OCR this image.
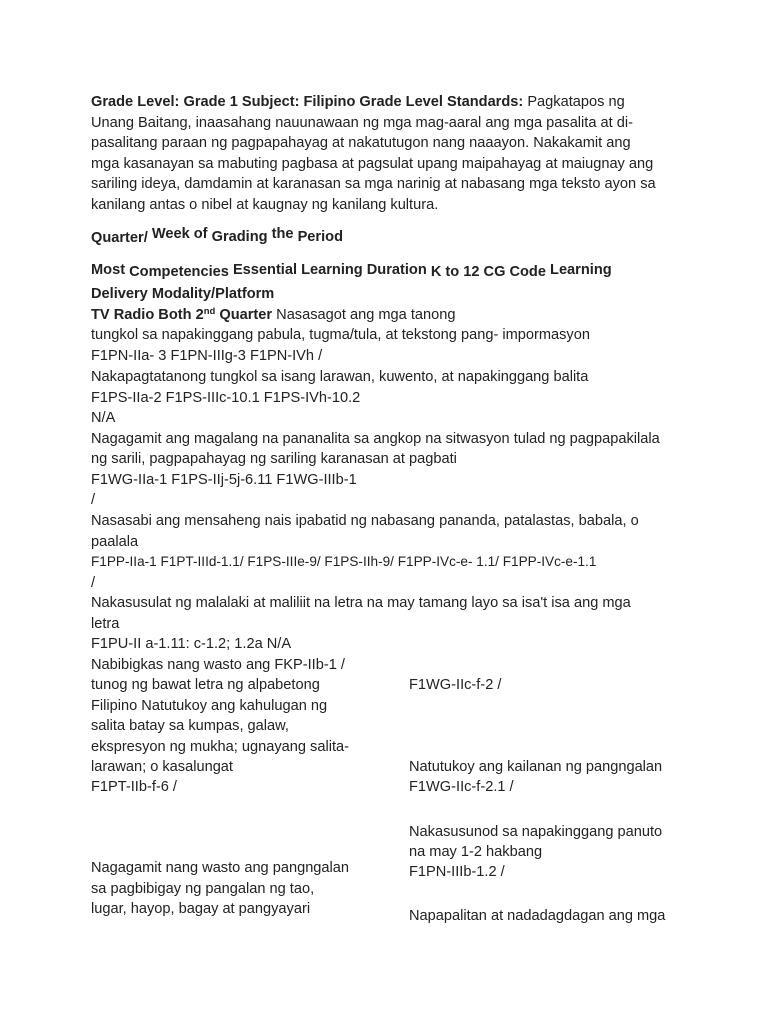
Grade Level: Grade 1 Subject: Filipino Grade Level Standards: Pagkatapos ng
Unang Baitang, inaasahang nauunawaan ng mga mag-aaral ang mga pasalita at di-
pasalitang paraan ng pagpapahayag at nakatutugon nang naaayon. Nakakamit ang
mga kasanayan sa mabuting pagbasa at pagsulat upang maipahayag at maiugnay ang
sariling ideya, damdamin at karanasan sa mga narinig at nabasang mga teksto ayon sa
kanilang antas o nibel at kaugnay ng kanilang kultura.
Quarter/ Week of Grading the Period
Most Competencies Essential Learning Duration K to 12 CG Code Learning
Delivery Modality/Platform
TV Radio Both 2nd Quarter Nasasagot ang mga tanong
tungkol sa napakinggang pabula, tugma/tula, at tekstong pang- impormasyon
F1PN-IIa- 3 F1PN-IIIg-3 F1PN-IVh /
Nakapagtatanong tungkol sa isang larawan, kuwento, at napakinggang balita
F1PS-IIa-2 F1PS-IIIc-10.1 F1PS-IVh-10.2
N/A
Nagagamit ang magalang na pananalita sa angkop na sitwasyon tulad ng pagpapakilala
ng sarili, pagpapahayag ng sariling karanasan at pagbati
F1WG-IIa-1 F1PS-IIj-5j-6.11 F1WG-IIIb-1
/
Nasasabi ang mensaheng nais ipabatid ng nabasang pananda, patalastas, babala, o
paalala
F1PP-IIa-1 F1PT-IIId-1.1/ F1PS-IIIe-9/ F1PS-IIh-9/ F1PP-IVc-e- 1.1/ F1PP-IVc-e-1.1
/
Nakasusulat ng malalaki at maliliit na letra na may tamang layo sa isa't isa ang mga
letra
F1PU-II a-1.11: c-1.2; 1.2a N/A
Nabibigkas nang wasto ang FKP-IIb-1 /
tunog ng bawat letra ng alpabetong
Filipino Natutukoy ang kahulugan ng
salita batay sa kumpas, galaw,
ekspresyon ng mukha; ugnayang salita-
larawan; o kasalungat
F1PT-IIb-f-6 /
Nagagamit nang wasto ang pangngalan
sa pagbibigay ng pangalan ng tao,
lugar, hayop, bagay at pangyayari
F1WG-IIc-f-2 /
Natutukoy ang kailanan ng pangngalan
F1WG-IIc-f-2.1 /
Nakasusunod sa napakinggang panuto
na may 1-2 hakbang
F1PN-IIIb-1.2 /
Napapalitan at nadadagdagan ang mga
